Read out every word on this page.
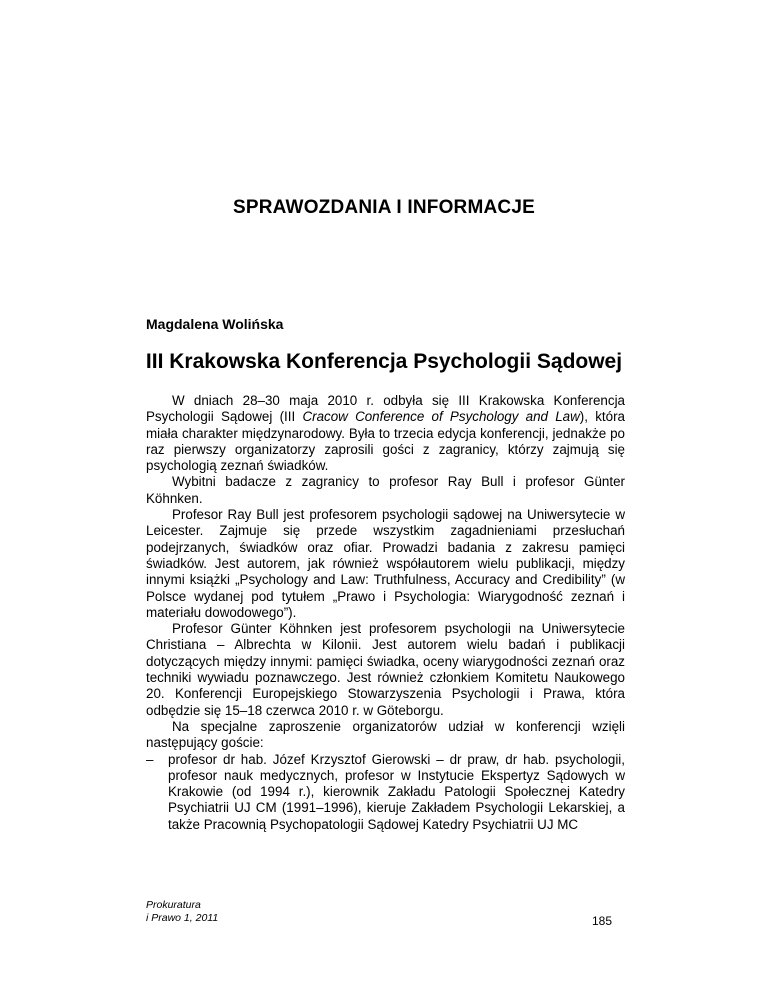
SPRAWOZDANIA I INFORMACJE
Magdalena Wolińska
III Krakowska Konferencja Psychologii Sądowej

W dniach 28–30 maja 2010 r. odbyła się III Krakowska Konferencja Psychologii Sądowej (III Cracow Conference of Psychology and Law), która miała charakter międzynarodowy. Była to trzecia edycja konferencji, jednakże po raz pierwszy organizatorzy zaprosili gości z zagranicy, którzy zajmują się psychologią zeznań świadków.

Wybitni badacze z zagranicy to profesor Ray Bull i profesor Günter Köhnken.

Profesor Ray Bull jest profesorem psychologii sądowej na Uniwersytecie w Leicester. Zajmuje się przede wszystkim zagadnieniami przesłuchań podejrzanych, świadków oraz ofiar. Prowadzi badania z zakresu pamięci świadków. Jest autorem, jak również współautorem wielu publikacji, między innymi książki „Psychology and Law: Truthfulness, Accuracy and Credibility” (w Polsce wydanej pod tytułem „Prawo i Psychologia: Wiarygodność zeznań i materiału dowodowego”).

Profesor Günter Köhnken jest profesorem psychologii na Uniwersytecie Christiana – Albrechta w Kilonii. Jest autorem wielu badań i publikacji dotyczących między innymi: pamięci świadka, oceny wiarygodności zeznań oraz techniki wywiadu poznawczego. Jest również członkiem Komitetu Naukowego 20. Konferencji Europejskiego Stowarzyszenia Psychologii i Prawa, która odbędzie się 15–18 czerwca 2010 r. w Göteborgu.

Na specjalne zaproszenie organizatorów udział w konferencji wzięli następujący goście:

– profesor dr hab. Józef Krzysztof Gierowski – dr praw, dr hab. psychologii, profesor nauk medycznych, profesor w Instytucie Ekspertyz Sądowych w Krakowie (od 1994 r.), kierownik Zakładu Patologii Społecznej Katedry Psychiatrii UJ CM (1991–1996), kieruje Zakładem Psychologii Lekarskiej, a także Pracownią Psychopatologii Sądowej Katedry Psychiatrii UJ MC
Prokuratura
i Prawo 1, 2011	185
